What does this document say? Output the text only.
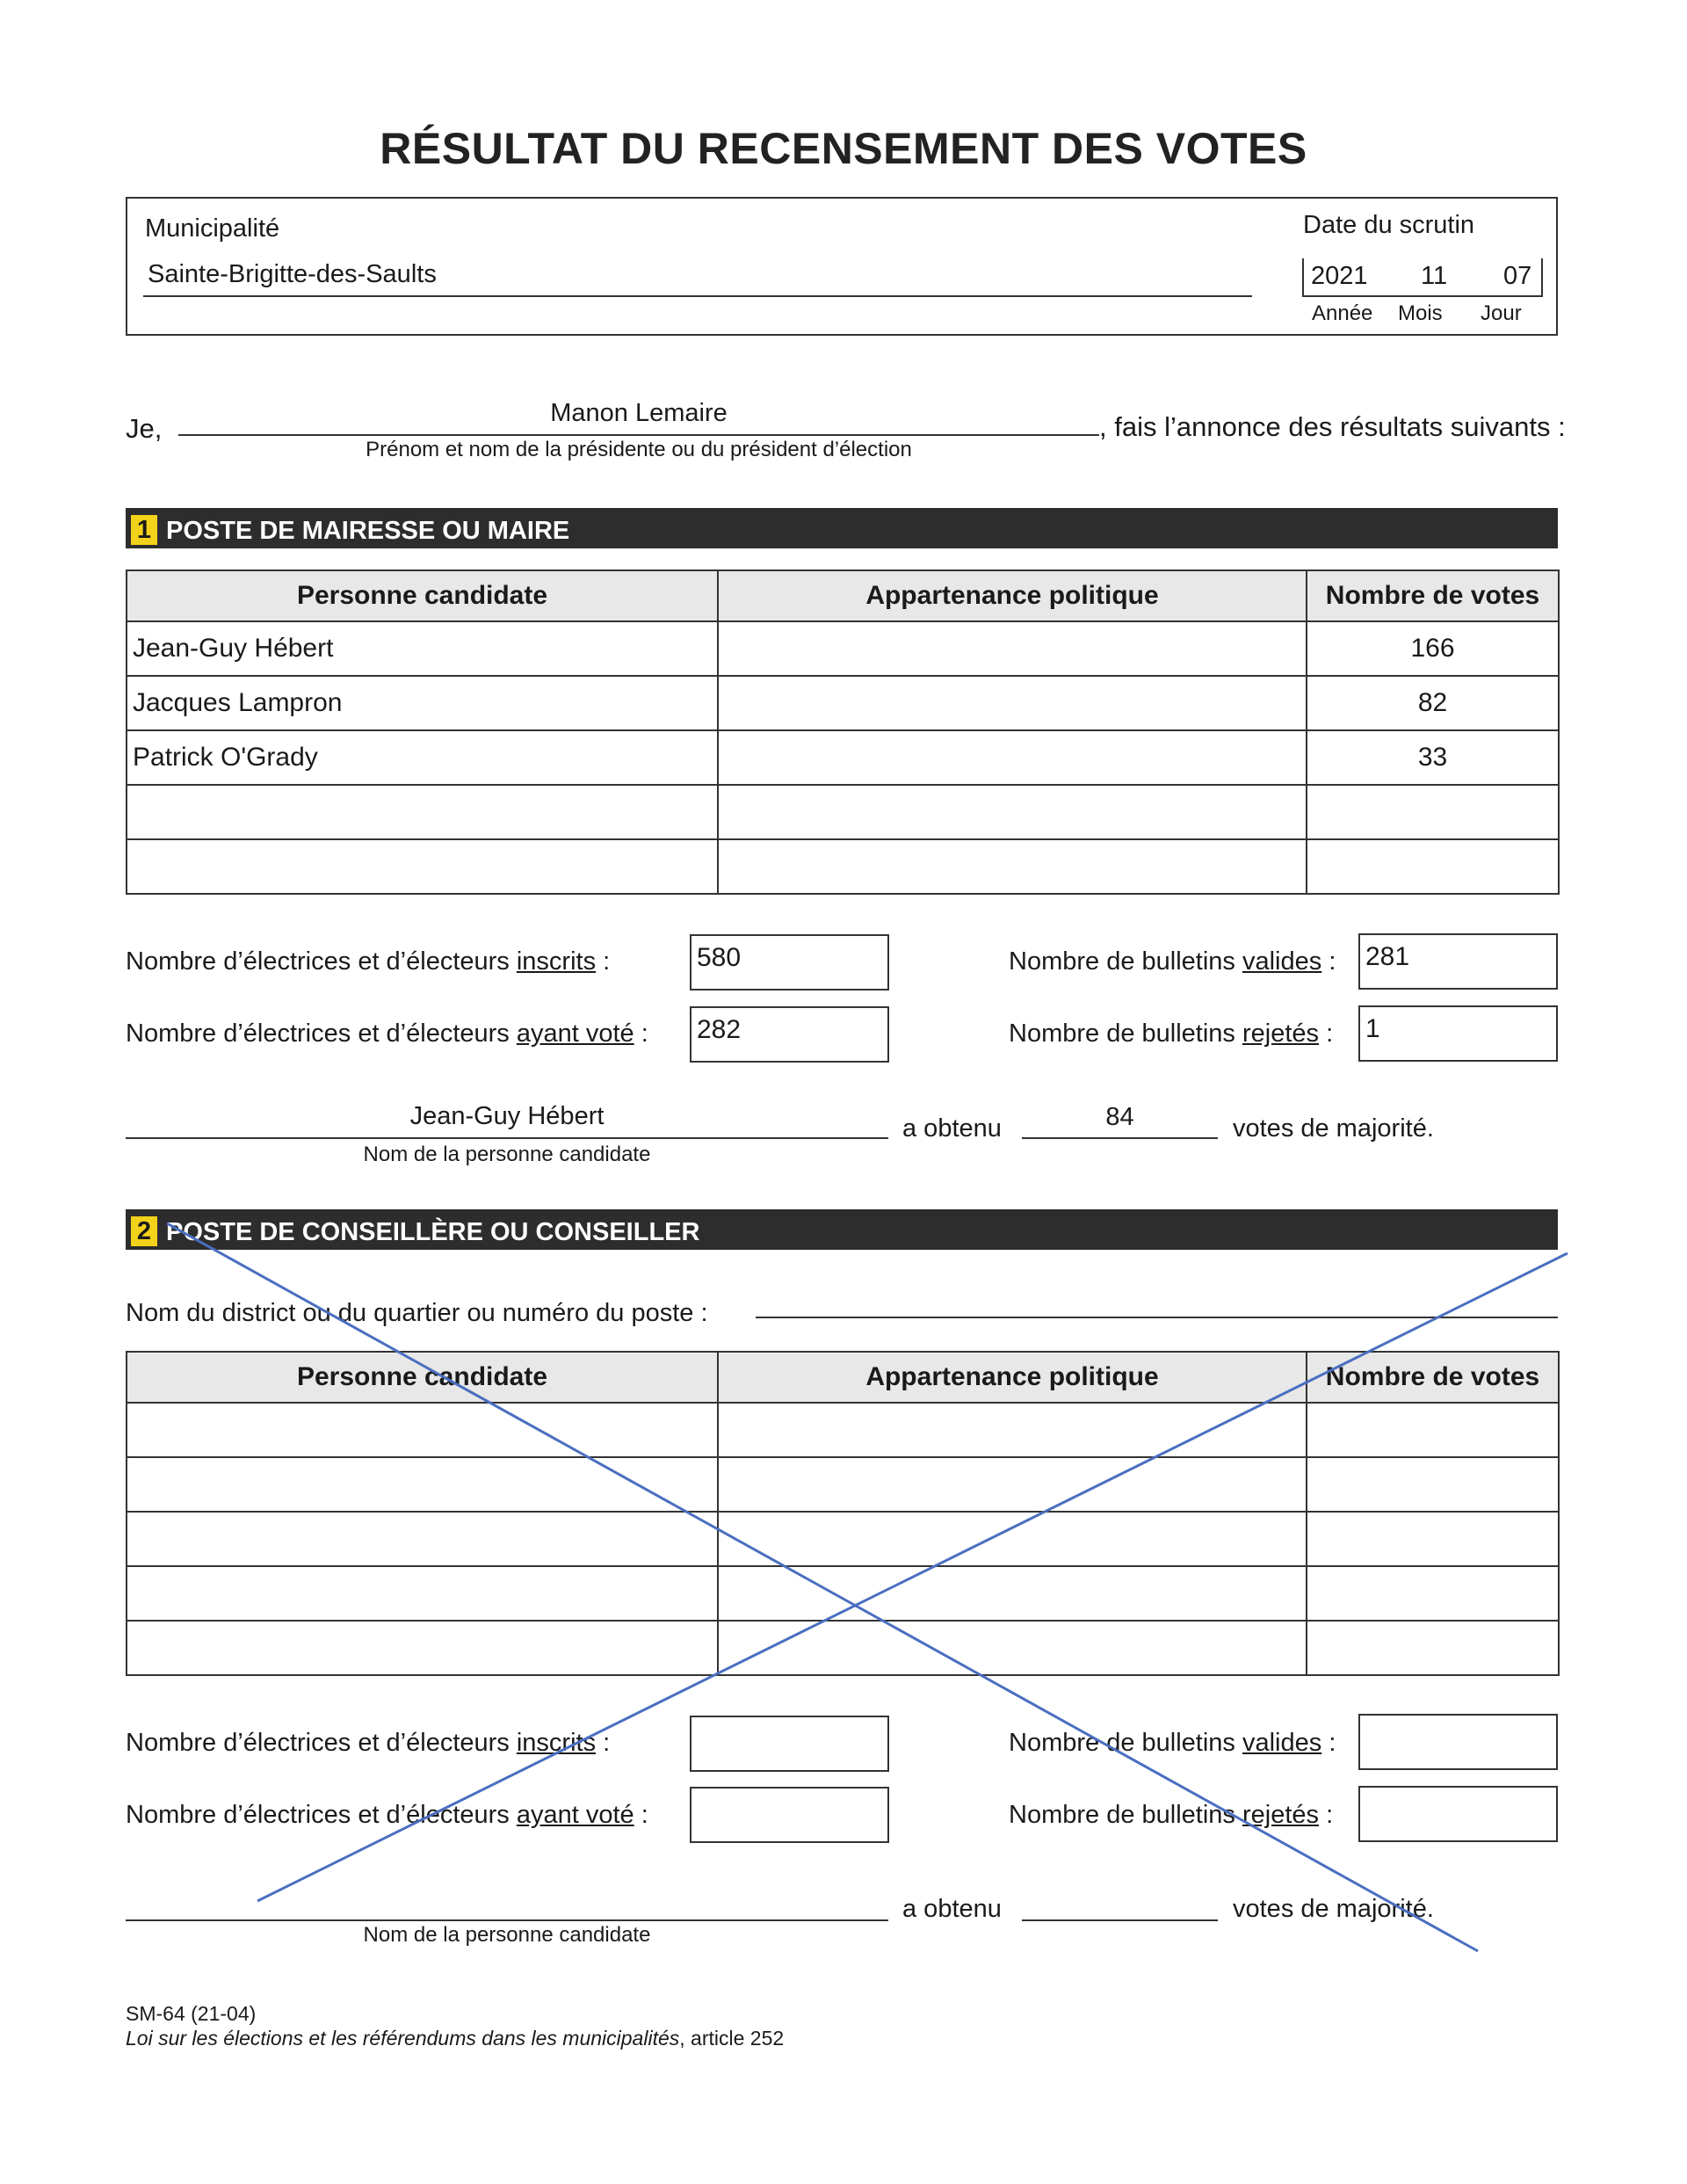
RÉSULTAT DU RECENSEMENT DES VOTES
Municipalité
Sainte-Brigitte-des-Saults
Date du scrutin
2021 11 07
Année Mois Jour
Je,	Manon Lemaire
Prénom et nom de la présidente ou du président d’élection
, fais l’annonce des résultats suivants :
1 POSTE DE MAIRESSE OU MAIRE
Personne candidate	Appartenance politique	Nombre de votes
Jean-Guy Hébert		166
Jacques Lampron		82
Patrick O'Grady		33

Nombre d’électrices et d’électeurs inscrits :	580
Nombre d’électrices et d’électeurs ayant voté : 282
Nombre de bulletins valides : 281
Nombre de bulletins rejetés : 1
Jean-Guy Hébert
Nom de la personne candidate
a obtenu	84	votes de majorité.
2 POSTE DE CONSEILLÈRE OU CONSEILLER
Nom du district ou du quartier ou numéro du poste :
Personne candidate	Appartenance politique	Nombre de votes

Nombre d’électrices et d’électeurs inscrits :
Nombre d’électrices et d’électeurs ayant voté :
Nombre de bulletins valides :
Nombre de bulletins rejetés :
Nom de la personne candidate
a obtenu	votes de majorité.
SM-64 (21-04)
Loi sur les élections et les référendums dans les municipalités, article 252
